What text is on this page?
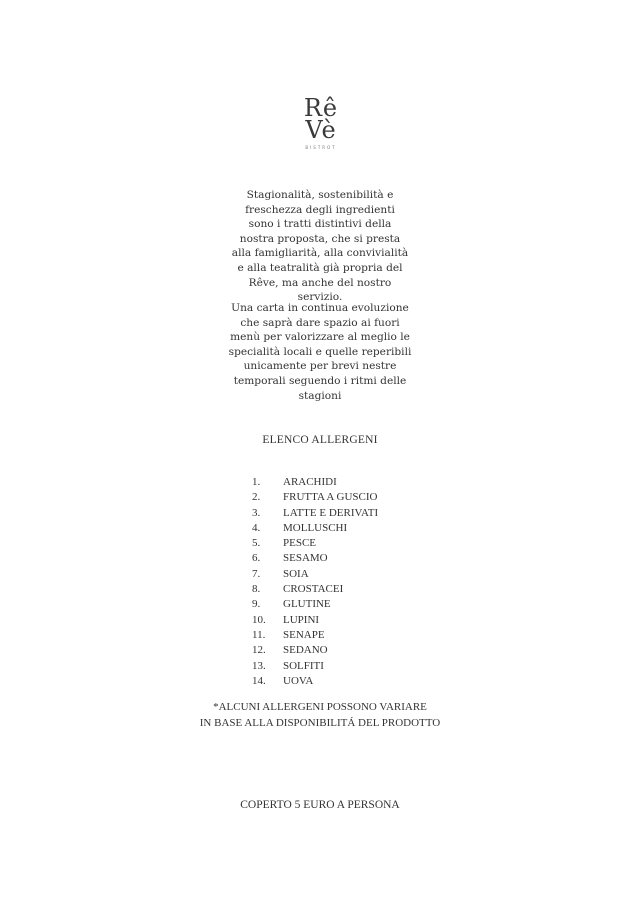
Rê
Vè
BISTROT
Stagionalità, sostenibilità e
freschezza degli ingredienti
sono i tratti distintivi della
nostra proposta, che si presta
alla famigliarità, alla convivialità
e alla teatralità già propria del
Rêve, ma anche del nostro
servizio.
Una carta in continua evoluzione
che saprà dare spazio ai fuori
menù per valorizzare al meglio le
specialità locali e quelle reperibili
unicamente per brevi nestre
temporali seguendo i ritmi delle
stagioni
ELENCO ALLERGENI
1.	ARACHIDI
2.	FRUTTA A GUSCIO
3.	LATTE E DERIVATI
4.	MOLLUSCHI
5.	PESCE
6.	SESAMO
7.	SOIA
8.	CROSTACEI
9.	GLUTINE
10.	LUPINI
11.	SENAPE
12.	SEDANO
13.	SOLFITI
14.	UOVA
*ALCUNI ALLERGENI POSSONO VARIARE
IN BASE ALLA DISPONIBILITÁ DEL PRODOTTO
COPERTO 5 EURO A PERSONA
